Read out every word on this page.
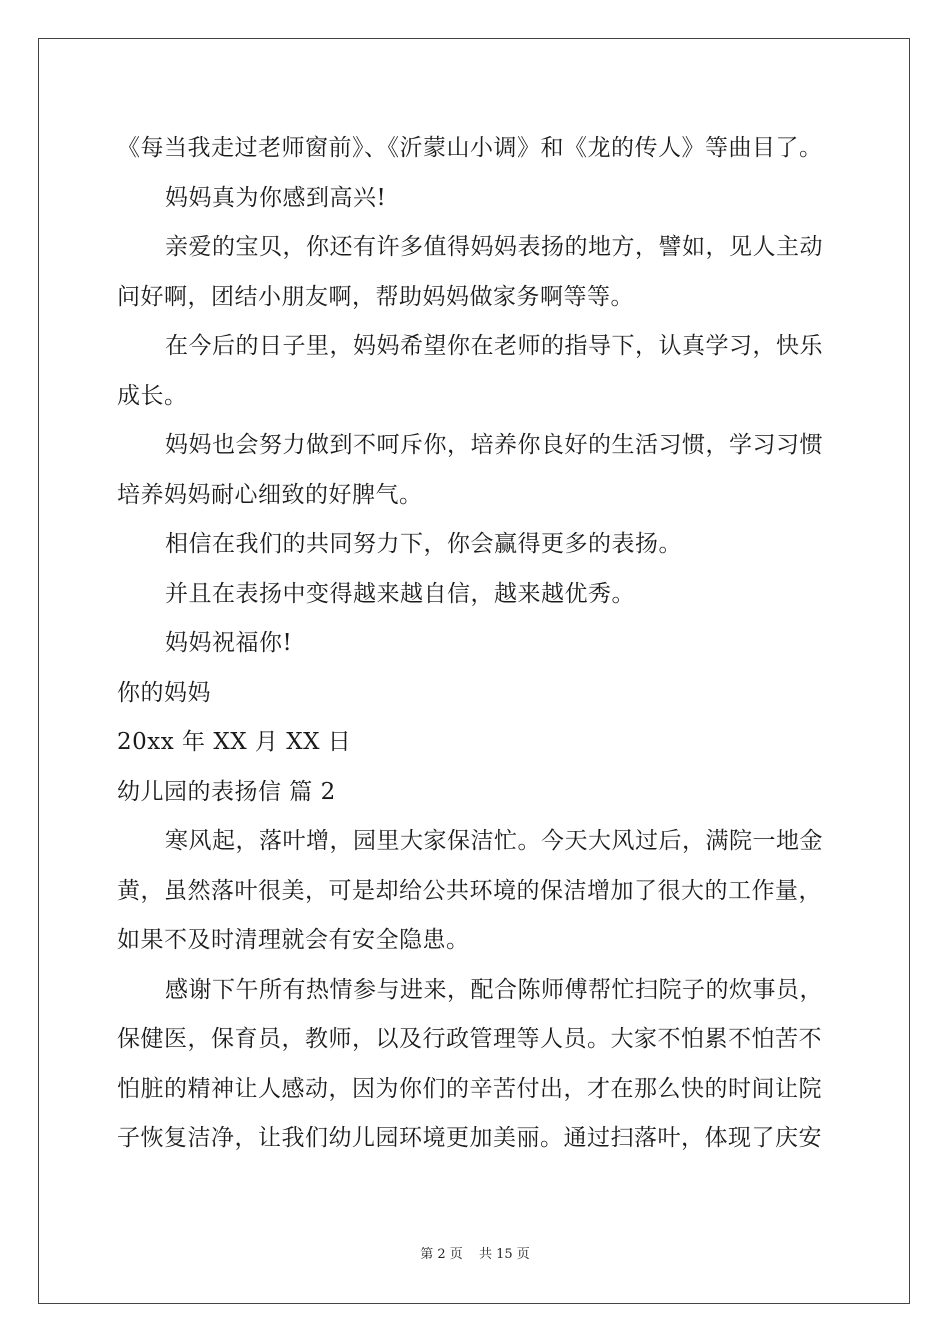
《每当我走过老师窗前》、《沂蒙山小调》和《龙的传人》等曲目了。
妈妈真为你感到高兴!
亲爱的宝贝，你还有许多值得妈妈表扬的地方，譬如，见人主动
问好啊，团结小朋友啊，帮助妈妈做家务啊等等。
在今后的日子里，妈妈希望你在老师的指导下，认真学习，快乐
成长。
妈妈也会努力做到不呵斥你，培养你良好的生活习惯，学习习惯
培养妈妈耐心细致的好脾气。
相信在我们的共同努力下，你会赢得更多的表扬。
并且在表扬中变得越来越自信，越来越优秀。
妈妈祝福你!
你的妈妈
20xx 年 XX 月 XX 日
幼儿园的表扬信 篇 2
寒风起，落叶增，园里大家保洁忙。今天大风过后，满院一地金
黄，虽然落叶很美，可是却给公共环境的保洁增加了很大的工作量，
如果不及时清理就会有安全隐患。
感谢下午所有热情参与进来，配合陈师傅帮忙扫院子的炊事员，
保健医，保育员，教师，以及行政管理等人员。大家不怕累不怕苦不
怕脏的精神让人感动，因为你们的辛苦付出，才在那么快的时间让院
子恢复洁净，让我们幼儿园环境更加美丽。通过扫落叶，体现了庆安
第 2 页 共 15 页
